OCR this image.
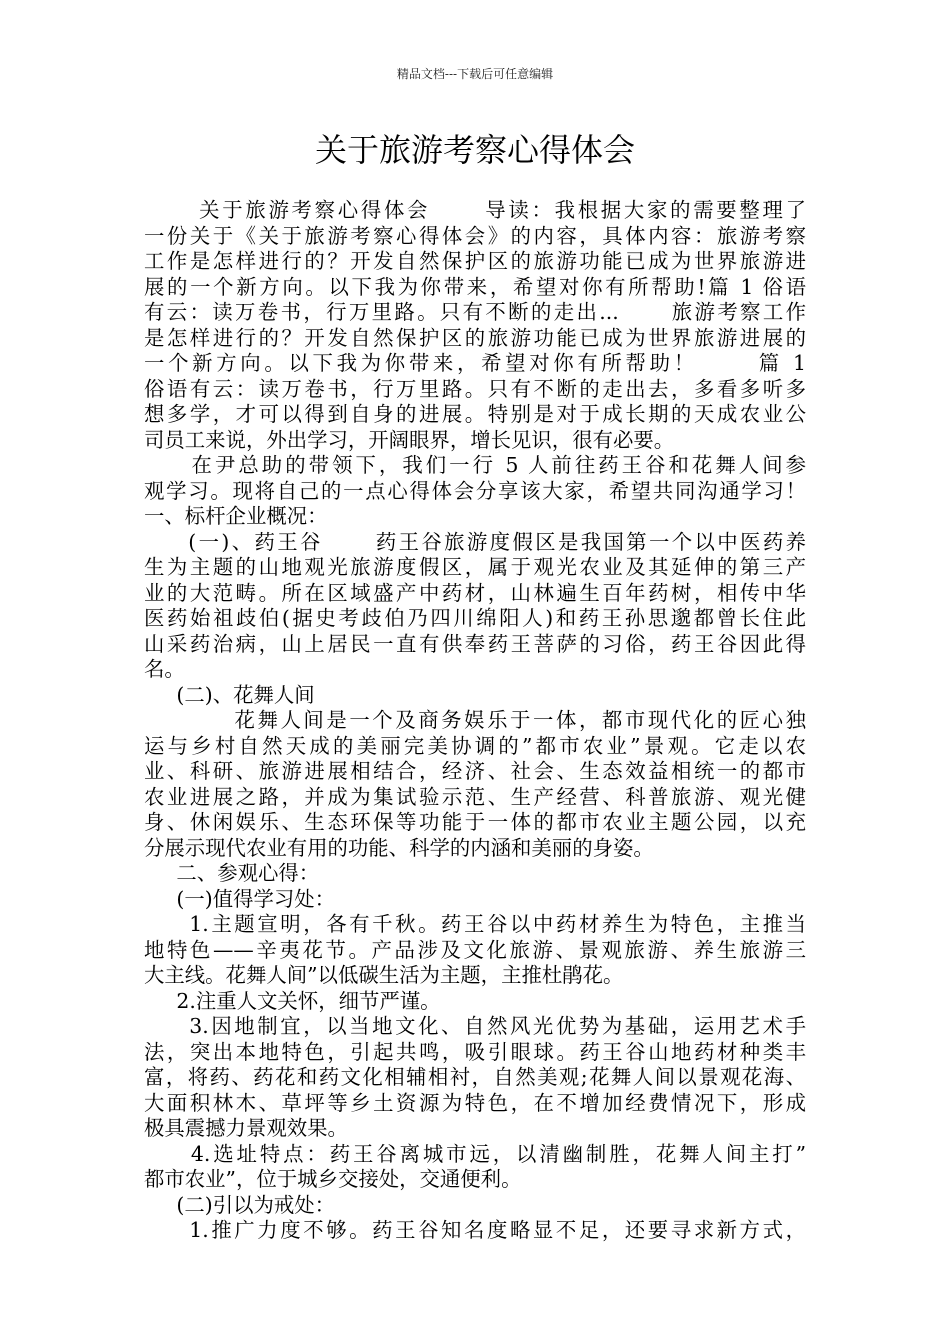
精品文档---下载后可任意编辑
关于旅游考察心得体会
关于旅游考察心得体会      导读：我根据大家的需要整理了
一份关于《关于旅游考察心得体会》的内容，具体内容：旅游考察
工作是怎样进行的？开发自然保护区的旅游功能已成为世界旅游进
展的一个新方向。以下我为你带来，希望对你有所帮助!篇 1 俗语
有云：读万卷书，行万里路。只有不断的走出...      旅游考察工作
是怎样进行的？开发自然保护区的旅游功能已成为世界旅游进展的
一个新方向。以下我为你带来，希望对你有所帮助！      篇 1
俗语有云：读万卷书，行万里路。只有不断的走出去，多看多听多
想多学，才可以得到自身的进展。特别是对于成长期的天成农业公
司员工来说，外出学习，开阔眼界，增长见识，很有必要。
在尹总助的带领下，我们一行 5 人前往药王谷和花舞人间参
观学习。现将自己的一点心得体会分享该大家，希望共同沟通学习！
一、标杆企业概况：
(一)、药王谷      药王谷旅游度假区是我国第一个以中医药养
生为主题的山地观光旅游度假区，属于观光农业及其延伸的第三产
业的大范畴。所在区域盛产中药材，山林遍生百年药树，相传中华
医药始祖歧伯(据史考歧伯乃四川绵阳人)和药王孙思邈都曾长住此
山采药治病，山上居民一直有供奉药王菩萨的习俗，药王谷因此得
名。
(二)、花舞人间
花舞人间是一个及商务娱乐于一体，都市现代化的匠心独
运与乡村自然天成的美丽完美协调的”都市农业”景观。它走以农
业、科研、旅游进展相结合，经济、社会、生态效益相统一的都市
农业进展之路，并成为集试验示范、生产经营、科普旅游、观光健
身、休闲娱乐、生态环保等功能于一体的都市农业主题公园，以充
分展示现代农业有用的功能、科学的内涵和美丽的身姿。
二、参观心得：
(一)值得学习处：
1.主题宣明，各有千秋。药王谷以中药材养生为特色，主推当
地特色——辛夷花节。产品涉及文化旅游、景观旅游、养生旅游三
大主线。花舞人间”以低碳生活为主题，主推杜鹃花。
2.注重人文关怀，细节严谨。
3.因地制宜，以当地文化、自然风光优势为基础，运用艺术手
法，突出本地特色，引起共鸣，吸引眼球。药王谷山地药材种类丰
富，将药、药花和药文化相辅相衬，自然美观;花舞人间以景观花海、
大面积林木、草坪等乡土资源为特色，在不增加经费情况下，形成
极具震撼力景观效果。
4.选址特点：药王谷离城市远，以清幽制胜，花舞人间主打”
都市农业”，位于城乡交接处，交通便利。
(二)引以为戒处：
1.推广力度不够。药王谷知名度略显不足，还要寻求新方式，
